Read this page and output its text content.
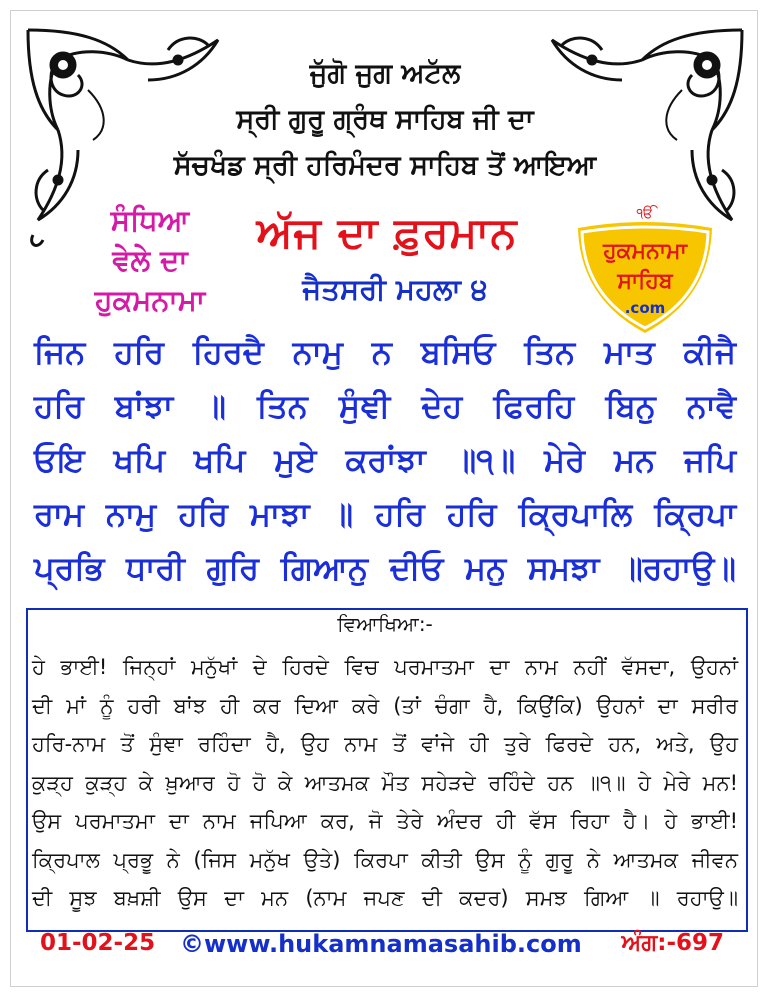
ਜੁੱਗੋ ਜੁਗ ਅਟੱਲ
ਸ੍ਰੀ ਗੁਰੂ ਗ੍ਰੰਥ ਸਾਹਿਬ ਜੀ ਦਾ
ਸੱਚਖੰਡ ਸ੍ਰੀ ਹਰਿਮੰਦਰ ਸਾਹਿਬ ਤੋਂ ਆਇਆ
ਸੰਧਿਆ
ਵੇਲੇ ਦਾ
ਹੁਕਮਨਾਮਾ
ਅੱਜ ਦਾ ਫ਼ੁਰਮਾਨ	ੴ
ਹੁਕਮਨਾਮਾ
ਸਾਹਿਬ
.com
ਜੈਤਸਰੀ ਮਹਲਾ ੪
ਜਿਨ ਹਰਿ ਹਿਰਦੈ ਨਾਮੁ ਨ ਬਸਿਓ ਤਿਨ ਮਾਤ ਕੀਜੈ
ਹਰਿ ਬਾਂਝਾ ॥ ਤਿਨ ਸੁੰਞੀ ਦੇਹ ਫਿਰਹਿ ਬਿਨੁ ਨਾਵੈ
ਓਇ ਖਪਿ ਖਪਿ ਮੁਏ ਕਰਾਂਝਾ ॥੧॥ ਮੇਰੇ ਮਨ ਜਪਿ
ਰਾਮ ਨਾਮੁ ਹਰਿ ਮਾਝਾ ॥ ਹਰਿ ਹਰਿ ਕ੍ਰਿਪਾਲਿ ਕ੍ਰਿਪਾ
ਪ੍ਰਭਿ ਧਾਰੀ ਗੁਰਿ ਗਿਆਨੁ ਦੀਓ ਮਨੁ ਸਮਝਾ ॥ਰਹਾਉ॥
ਵਿਆਖਿਆ:-
ਹੇ ਭਾਈ! ਜਿਨ੍ਹਾਂ ਮਨੁੱਖਾਂ ਦੇ ਹਿਰਦੇ ਵਿਚ ਪਰਮਾਤਮਾ ਦਾ ਨਾਮ ਨਹੀਂ ਵੱਸਦਾ, ਉਹਨਾਂ
ਦੀ ਮਾਂ ਨੂੰ ਹਰੀ ਬਾਂਝ ਹੀ ਕਰ ਦਿਆ ਕਰੇ (ਤਾਂ ਚੰਗਾ ਹੈ, ਕਿਉਂਕਿ) ਉਹਨਾਂ ਦਾ ਸਰੀਰ
ਹਰਿ-ਨਾਮ ਤੋਂ ਸੁੰਞਾ ਰਹਿੰਦਾ ਹੈ, ਉਹ ਨਾਮ ਤੋਂ ਵਾਂਜੇ ਹੀ ਤੁਰੇ ਫਿਰਦੇ ਹਨ, ਅਤੇ, ਉਹ
ਕੁੜ੍ਹ ਕੁੜ੍ਹ ਕੇ ਖ਼ੁਆਰ ਹੋ ਹੋ ਕੇ ਆਤਮਕ ਮੌਤ ਸਹੇੜਦੇ ਰਹਿੰਦੇ ਹਨ ॥੧॥ ਹੇ ਮੇਰੇ ਮਨ!
ਉਸ ਪਰਮਾਤਮਾ ਦਾ ਨਾਮ ਜਪਿਆ ਕਰ, ਜੋ ਤੇਰੇ ਅੰਦਰ ਹੀ ਵੱਸ ਰਿਹਾ ਹੈ। ਹੇ ਭਾਈ!
ਕ੍ਰਿਪਾਲ ਪ੍ਰਭੂ ਨੇ (ਜਿਸ ਮਨੁੱਖ ਉਤੇ) ਕਿਰਪਾ ਕੀਤੀ ਉਸ ਨੂੰ ਗੁਰੂ ਨੇ ਆਤਮਕ ਜੀਵਨ
ਦੀ ਸੂਝ ਬਖ਼ਸ਼ੀ ਉਸ ਦਾ ਮਨ (ਨਾਮ ਜਪਣ ਦੀ ਕਦਰ) ਸਮਝ ਗਿਆ ॥ ਰਹਾਉ॥
01-02-25 ©www.hukamnamasahib.com ਅੰਗ:-697
